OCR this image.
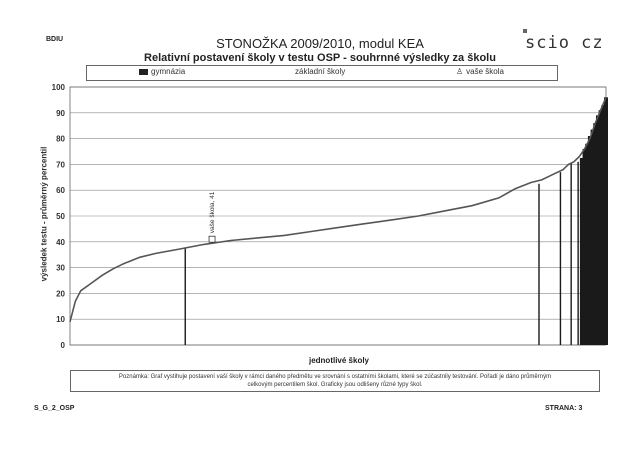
BDIU	STONOŽKA 2009/2010, modul KEA	scio cz
Relativní postavení školy v testu OSP - souhrnné výsledky za školu
gymnázia	základní školy	♙ vaše škola
výsledek testu - průměrný percentil
0
10
20
30
40
50
60
70
80
90
100
vaše škola, 41
jednotlivé školy
Poznámka: Graf vystihuje postavení vaší školy v rámci daného předmětu ve srovnání s ostatními školami, které se zúčastnily testování. Pořadí je dáno průměrným
celkovým percentilem škol. Graficky jsou odlišeny různé typy škol.
S_G_2_OSP	STRANA: 3
